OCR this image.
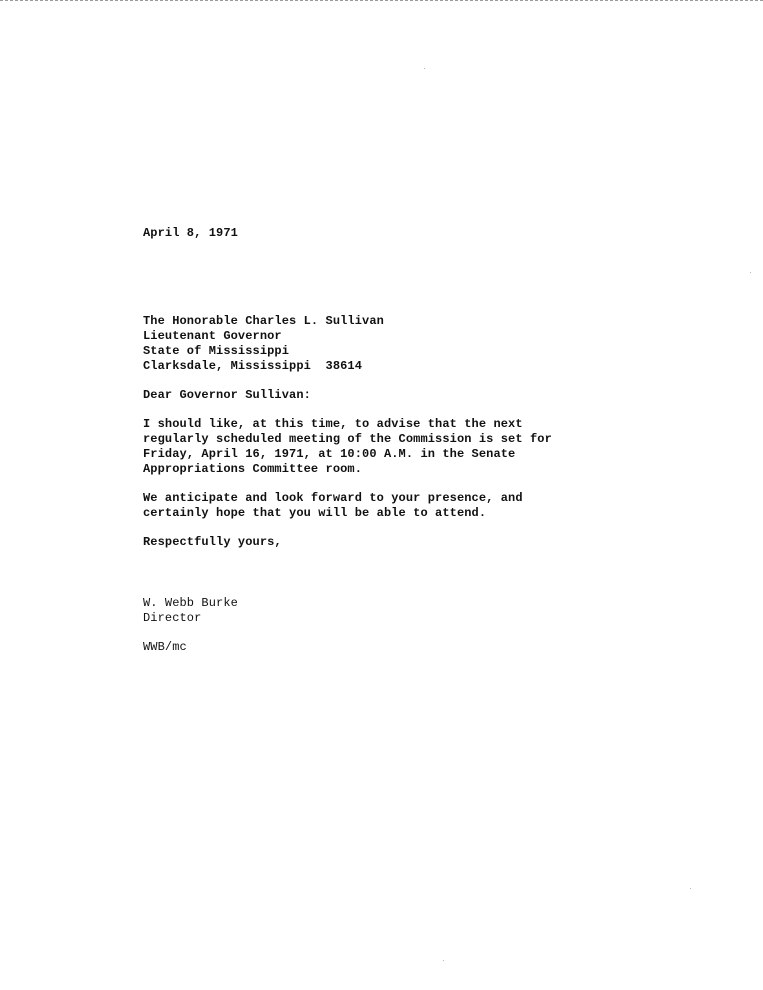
April 8, 1971
The Honorable Charles L. Sullivan
Lieutenant Governor
State of Mississippi
Clarksdale, Mississippi  38614
Dear Governor Sullivan:
I should like, at this time, to advise that the next
regularly scheduled meeting of the Commission is set for
Friday, April 16, 1971, at 10:00 A.M. in the Senate
Appropriations Committee room.
We anticipate and look forward to your presence, and
certainly hope that you will be able to attend.
Respectfully yours,
W. Webb Burke
Director
WWB/mc
